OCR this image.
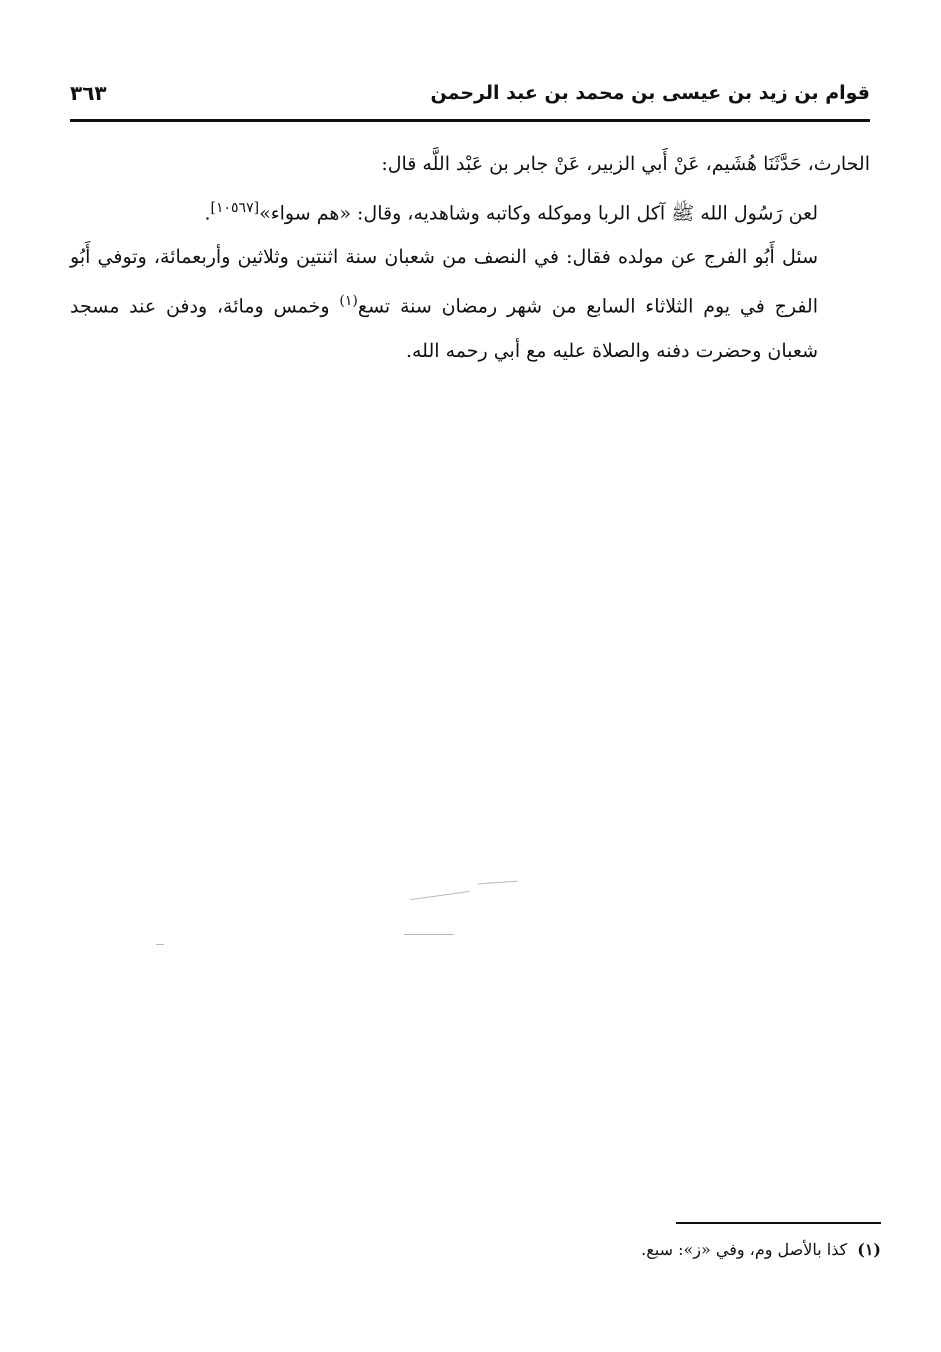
قوام بن زيد بن عيسى بن محمد بن عبد الرحمن
٣٦٣

الحارث، حَدَّثَنَا هُشَيم، عَنْ أَبي الزبير، عَنْ جابر بن عَبْد اللَّه قال:

لعن رَسُول الله ﷺ آكل الربا وموكله وكاتبه وشاهديه، وقال: «هم سواء»[١٠٥٦٧].

سئل أَبُو الفرج عن مولده فقال: في النصف من شعبان سنة اثنتين وثلاثين وأربعمائة، وتوفي أَبُو الفرج في يوم الثلاثاء السابع من شهر رمضان سنة تسع$^{(١)}$ وخمس ومائة، ودفن عند مسجد شعبان وحضرت دفنه والصلاة عليه مع أبي رحمه الله.

(١)
كذا بالأصل وم، وفي «ز»: سبع.
